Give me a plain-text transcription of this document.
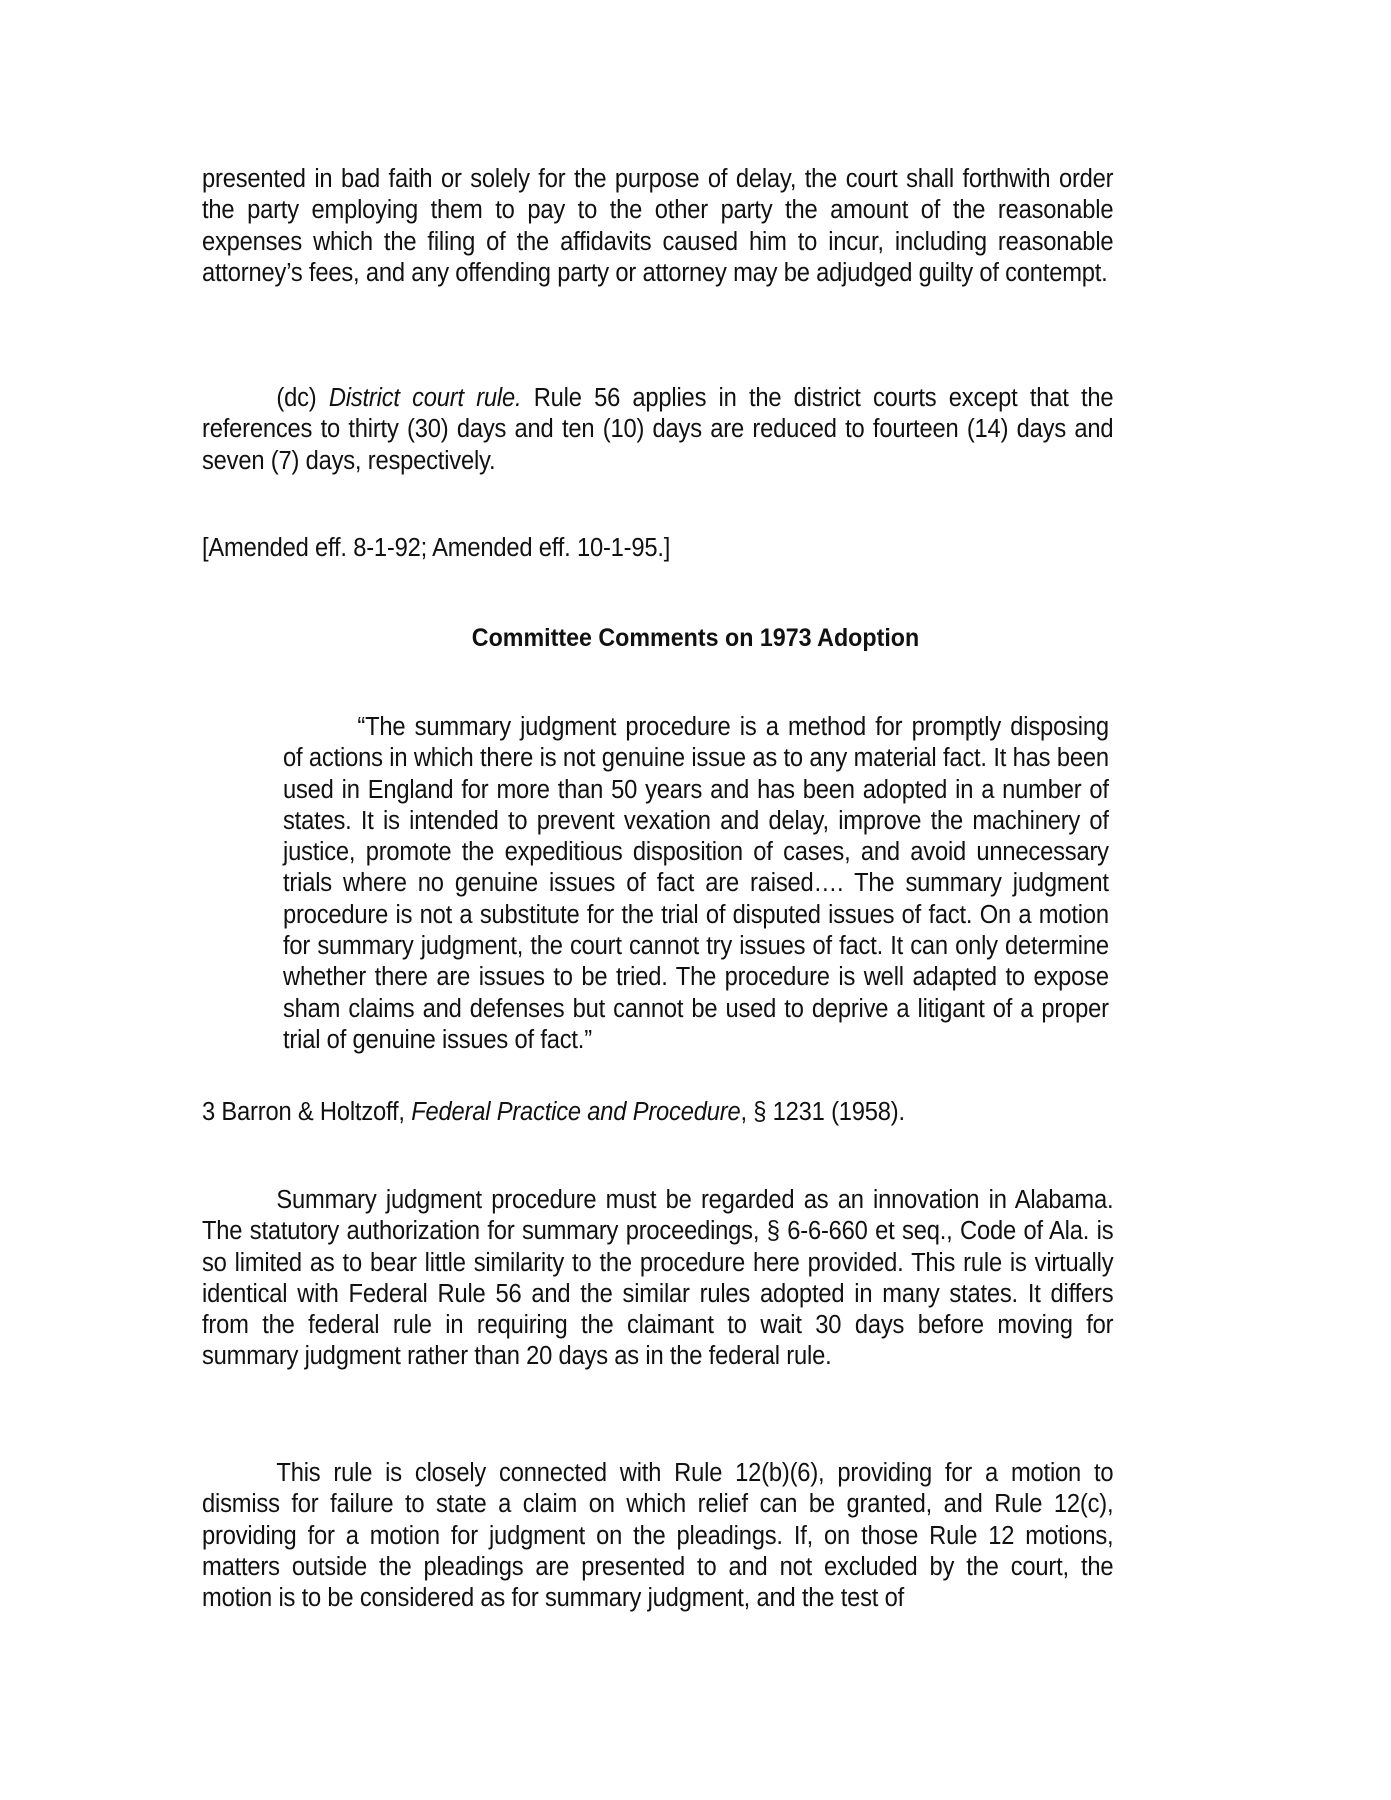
presented in bad faith or solely for the purpose of delay, the court shall forthwith order the party employing them to pay to the other party the amount of the reasonable expenses which the filing of the affidavits caused him to incur, including reasonable attorney’s fees, and any offending party or attorney may be adjudged guilty of contempt.

(dc) District court rule. Rule 56 applies in the district courts except that the references to thirty (30) days and ten (10) days are reduced to fourteen (14) days and seven (7) days, respectively.

[Amended eff. 8-1-92; Amended eff. 10-1-95.]

Committee Comments on 1973 Adoption

“The summary judgment procedure is a method for promptly disposing of actions in which there is not genuine issue as to any material fact. It has been used in England for more than 50 years and has been adopted in a number of states. It is intended to prevent vexation and delay, improve the machinery of justice, promote the expeditious disposition of cases, and avoid unnecessary trials where no genuine issues of fact are raised…. The summary judgment procedure is not a substitute for the trial of disputed issues of fact. On a motion for summary judgment, the court cannot try issues of fact. It can only determine whether there are issues to be tried. The procedure is well adapted to expose sham claims and defenses but cannot be used to deprive a litigant of a proper trial of genuine issues of fact.”

3 Barron & Holtzoff, Federal Practice and Procedure, § 1231 (1958).

Summary judgment procedure must be regarded as an innovation in Alabama. The statutory authorization for summary proceedings, § 6-6-660 et seq., Code of Ala. is so limited as to bear little similarity to the procedure here provided. This rule is virtually identical with Federal Rule 56 and the similar rules adopted in many states. It differs from the federal rule in requiring the claimant to wait 30 days before moving for summary judgment rather than 20 days as in the federal rule.

This rule is closely connected with Rule 12(b)(6), providing for a motion to dismiss for failure to state a claim on which relief can be granted, and Rule 12(c), providing for a motion for judgment on the pleadings. If, on those Rule 12 motions, matters outside the pleadings are presented to and not excluded by the court, the motion is to be considered as for summary judgment, and the test of
